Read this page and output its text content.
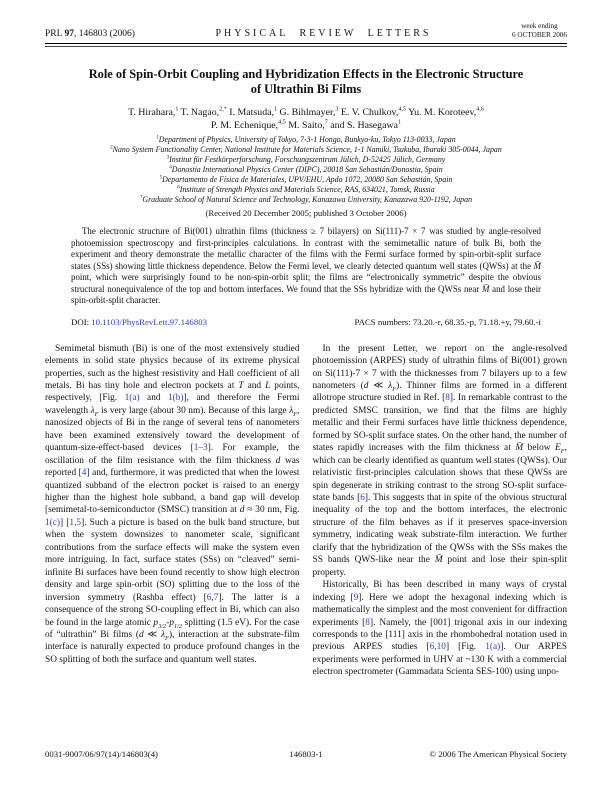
PRL 97, 146803 (2006)	PHYSICAL REVIEW LETTERS
week ending
6 OCTOBER 2006
Role of Spin-Orbit Coupling and Hybridization Effects in the Electronic Structure
of Ultrathin Bi Films
T. Hirahara,$^1$ T. Nagao,$^{2,*}$ I. Matsuda,$^1$ G. Bihlmayer,$^3$ E. V. Chulkov,$^{4,5}$ Yu. M. Koroteev,$^{4,6}$
P. M. Echenique,$^{4,5}$ M. Saito,$^7$ and S. Hasegawa$^1$
$^1$Department of Physics, University of Tokyo, 7-3-1 Hongo, Bunkyo-ku, Tokyo 113-0033, Japan
$^2$Nano System Functionality Center, National Institute for Materials Science, 1-1 Namiki, Tsukuba, Ibaraki 305-0044, Japan
$^3$Institut für Festkörperforschung, Forschungszentrum Jülich, D-52425 Jülich, Germany
$^4$Donostia International Physics Center (DIPC), 20018 San Sebastián/Donostia, Spain
$^5$Departamento de Física de Materiales, UPV/EHU, Apdo 1072, 20080 San Sebastián, Spain
$^6$Institute of Strength Physics and Materials Science, RAS, 634021, Tomsk, Russia
$^7$Graduate School of Natural Science and Technology, Kanazawa University, Kanazawa 920-1192, Japan
(Received 20 December 2005; published 3 October 2006)
The electronic structure of Bi(001) ultrathin films (thickness ≥ 7 bilayers) on Si(111)-7 × 7 was studied by angle-resolved photoemission spectroscopy and first-principles calculations. In contrast with the semimetallic nature of bulk Bi, both the experiment and theory demonstrate the metallic character of the films with the Fermi surface formed by spin-orbit-split surface states (SSs) showing little thickness dependence. Below the Fermi level, we clearly detected quantum well states (QWSs) at the M̄ point, which were surprisingly found to be non-spin-orbit split; the films are “electronically symmetric” despite the obvious structural nonequivalence of the top and bottom interfaces. We found that the SSs hybridize with the QWSs near M̄ and lose their spin-orbit-split character.
DOI: 10.1103/PhysRevLett.97.146803	PACS numbers: 73.20.-r, 68.35.-p, 71.18.+y, 79.60.-i

Semimetal bismuth (Bi) is one of the most extensively studied elements in solid state physics because of its extreme physical properties, such as the highest resistivity and Hall coefficient of all metals. Bi has tiny hole and electron pockets at T and L points, respectively, [Fig. 1(a) and 1(b)], and therefore the Fermi wavelength $\lambda_F$ is very large (about 30 nm). Because of this large $\lambda_F$, nanosized objects of Bi in the range of several tens of nanometers have been examined extensively toward the development of quantum-size-effect-based devices [1–3]. For example, the oscillation of the film resistance with the film thickness d was reported [4] and, furthermore, it was predicted that when the lowest quantized subband of the electron pocket is raised to an energy higher than the highest hole subband, a band gap will develop [semimetal-to-semiconductor (SMSC) transition at d ≈ 30 nm, Fig. 1(c)] [1,5]. Such a picture is based on the bulk band structure, but when the system downsizes to nanometer scale, significant contributions from the surface effects will make the system even more intriguing. In fact, surface states (SSs) on “cleaved” semi-infinite Bi surfaces have been found recently to show high electron density and large spin-orbit (SO) splitting due to the loss of the inversion symmetry (Rashba effect) [6,7]. The latter is a consequence of the strong SO-coupling effect in Bi, which can also be found in the large atomic $p_{3/2}-p_{1/2}$ splitting (1.5 eV). For the case of “ultrathin” Bi films (d ≪ $\lambda_F$), interaction at the substrate-film interface is naturally expected to produce profound changes in the SO splitting of both the surface and quantum well states.

In the present Letter, we report on the angle-resolved photoemission (ARPES) study of ultrathin films of Bi(001) grown on Si(111)-7 × 7 with the thicknesses from 7 bilayers up to a few nanometers (d ≪ $\lambda_F$). Thinner films are formed in a different allotrope structure studied in Ref. [8]. In remarkable contrast to the predicted SMSC transition, we find that the films are highly metallic and their Fermi surfaces have little thickness dependence, formed by SO-split surface states. On the other hand, the number of states rapidly increases with the film thickness at M̄ below $E_F$, which can be clearly identified as quantum well states (QWSs). Our relativistic first-principles calculation shows that these QWSs are spin degenerate in striking contrast to the strong SO-split surface-state bands [6]. This suggests that in spite of the obvious structural inequality of the top and the bottom interfaces, the electronic structure of the film behaves as if it preserves space-inversion symmetry, indicating weak substrate-film interaction. We further clarify that the hybridization of the QWSs with the SSs makes the SS bands QWS-like near the M̄ point and lose their spin-split property.

Historically, Bi has been described in many ways of crystal indexing [9]. Here we adopt the hexagonal indexing which is mathematically the simplest and the most convenient for diffraction experiments [8]. Namely, the [001] trigonal axis in our indexing corresponds to the [111] axis in the rhombohedral notation used in previous ARPES studies [6,10] [Fig. 1(a)]. Our ARPES experiments were performed in UHV at ~130 K with a commercial electron spectrometer (Gammadata Scienta SES-100) using unpo-

0031-9007/06/97(14)/146803(4)	146803-1	© 2006 The American Physical Society
